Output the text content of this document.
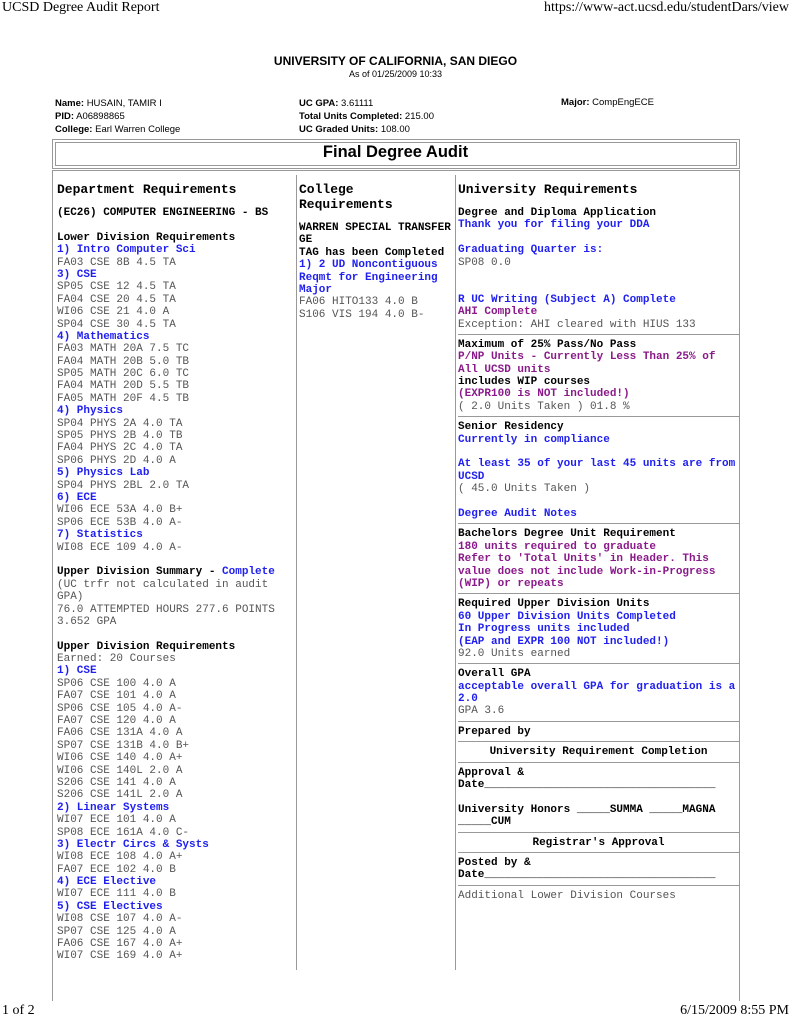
UCSD Degree Audit Report	https://www-act.ucsd.edu/studentDars/view
1 of 2	6/15/2009 8:55 PM
UNIVERSITY OF CALIFORNIA, SAN DIEGO
As of 01/25/2009 10:33
Name: HUSAIN, TAMIR I
PID: A06898865
College: Earl Warren College
UC GPA: 3.61111
Total Units Completed: 215.00
UC Graded Units: 108.00
Major: CompEngECE
Final Degree Audit
Department Requirements
(EC26) COMPUTER ENGINEERING - BS
Lower Division Requirements
1) Intro Computer Sci
FA03 CSE 8B 4.5 TA
3) CSE
SP05 CSE 12 4.5 TA
FA04 CSE 20 4.5 TA
WI06 CSE 21 4.0 A
SP04 CSE 30 4.5 TA
4) Mathematics
FA03 MATH 20A 7.5 TC
FA04 MATH 20B 5.0 TB
SP05 MATH 20C 6.0 TC
FA04 MATH 20D 5.5 TB
FA05 MATH 20F 4.5 TB
4) Physics
SP04 PHYS 2A 4.0 TA
SP05 PHYS 2B 4.0 TB
FA04 PHYS 2C 4.0 TA
SP06 PHYS 2D 4.0 A
5) Physics Lab
SP04 PHYS 2BL 2.0 TA
6) ECE
WI06 ECE 53A 4.0 B+
SP06 ECE 53B 4.0 A-
7) Statistics
WI08 ECE 109 4.0 A-
Upper Division Summary - Complete
(UC trfr not calculated in audit
GPA)
76.0 ATTEMPTED HOURS 277.6 POINTS
3.652 GPA
Upper Division Requirements
Earned: 20 Courses
1) CSE
SP06 CSE 100 4.0 A
FA07 CSE 101 4.0 A
SP06 CSE 105 4.0 A-
FA07 CSE 120 4.0 A
FA06 CSE 131A 4.0 A
SP07 CSE 131B 4.0 B+
WI06 CSE 140 4.0 A+
WI06 CSE 140L 2.0 A
S206 CSE 141 4.0 A
S206 CSE 141L 2.0 A
2) Linear Systems
WI07 ECE 101 4.0 A
SP08 ECE 161A 4.0 C-
3) Electr Circs & Systs
WI08 ECE 108 4.0 A+
FA07 ECE 102 4.0 B
4) ECE Elective
WI07 ECE 111 4.0 B
5) CSE Electives
WI08 CSE 107 4.0 A-
SP07 CSE 125 4.0 A
FA06 CSE 167 4.0 A+
WI07 CSE 169 4.0 A+
College Requirements
WARREN SPECIAL TRANSFER
GE
TAG has been Completed
1) 2 UD Noncontiguous
Reqmt for Engineering
Major
FA06 HITO133 4.0 B
S106 VIS 194 4.0 B-
University Requirements
Degree and Diploma Application
Thank you for filing your DDA
Graduating Quarter is:
SP08 0.0
R UC Writing (Subject A) Complete
AHI Complete
Exception: AHI cleared with HIUS 133
Maximum of 25% Pass/No Pass
P/NP Units - Currently Less Than 25% of
All UCSD units
includes WIP courses
(EXPR100 is NOT included!)
( 2.0 Units Taken ) 01.8 %
Senior Residency
Currently in compliance
At least 35 of your last 45 units are from
UCSD
( 45.0 Units Taken )
Degree Audit Notes
Bachelors Degree Unit Requirement
180 units required to graduate
Refer to 'Total Units' in Header. This
value does not include Work-in-Progress
(WIP) or repeats
Required Upper Division Units
60 Upper Division Units Completed
In Progress units included
(EAP and EXPR 100 NOT included!)
92.0 Units earned
Overall GPA
acceptable overall GPA for graduation is a
2.0
GPA 3.6
Prepared by
University Requirement Completion
Approval &
Date___________________________________
University Honors _____SUMMA _____MAGNA
_____CUM
Registrar's Approval
Posted by &
Date___________________________________
Additional Lower Division Courses
